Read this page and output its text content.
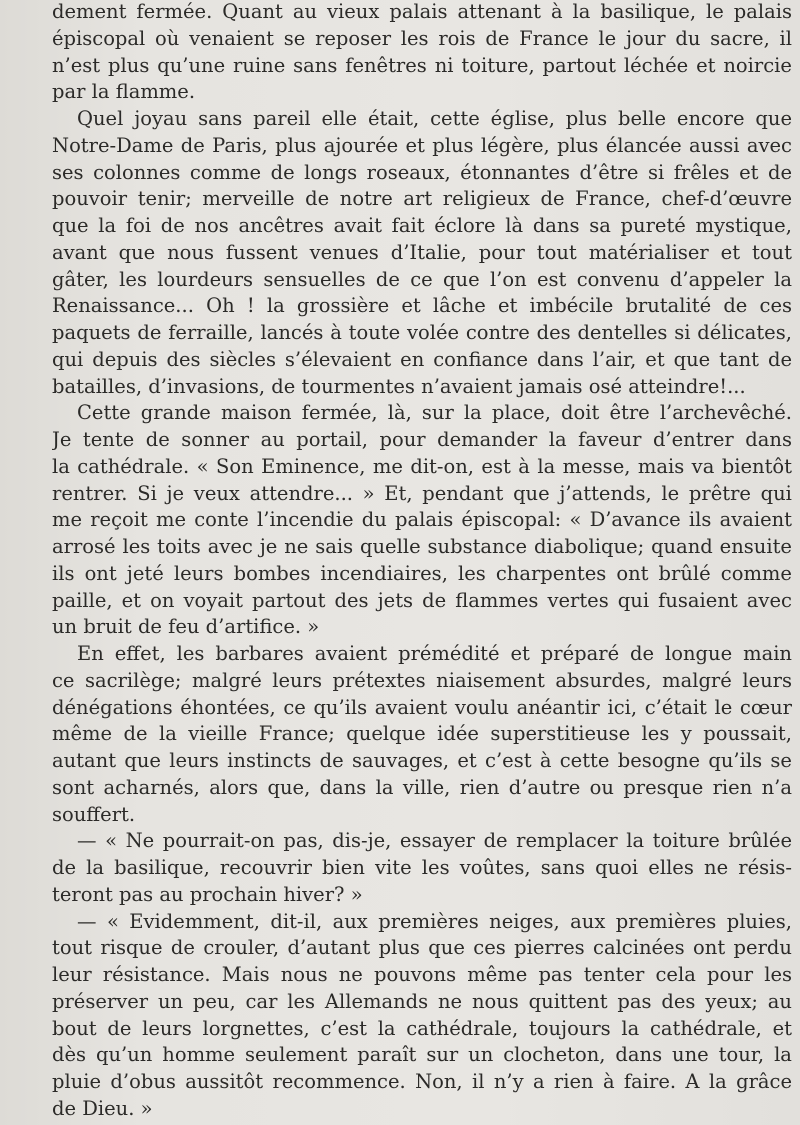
dement fermée. Quant au vieux palais attenant à la basilique, le palais
épiscopal où venaient se reposer les rois de France le jour du sacre, il
n’est plus qu’une ruine sans fenêtres ni toiture, partout léchée et noircie
par la flamme.
Quel joyau sans pareil elle était, cette église, plus belle encore que
Notre-Dame de Paris, plus ajourée et plus légère, plus élancée aussi avec
ses colonnes comme de longs roseaux, étonnantes d’être si frêles et de
pouvoir tenir; merveille de notre art religieux de France, chef-d’œuvre
que la foi de nos ancêtres avait fait éclore là dans sa pureté mystique,
avant que nous fussent venues d’Italie, pour tout matérialiser et tout
gâter, les lourdeurs sensuelles de ce que l’on est convenu d’appeler la
Renaissance... Oh ! la grossière et lâche et imbécile brutalité de ces
paquets de ferraille, lancés à toute volée contre des dentelles si délicates,
qui depuis des siècles s’élevaient en confiance dans l’air, et que tant de
batailles, d’invasions, de tourmentes n’avaient jamais osé atteindre!...
Cette grande maison fermée, là, sur la place, doit être l’archevêché.
Je tente de sonner au portail, pour demander la faveur d’entrer dans
la cathédrale. « Son Eminence, me dit-on, est à la messe, mais va bientôt
rentrer. Si je veux attendre... » Et, pendant que j’attends, le prêtre qui
me reçoit me conte l’incendie du palais épiscopal: « D’avance ils avaient
arrosé les toits avec je ne sais quelle substance diabolique; quand ensuite
ils ont jeté leurs bombes incendiaires, les charpentes ont brûlé comme
paille, et on voyait partout des jets de flammes vertes qui fusaient avec
un bruit de feu d’artifice. »
En effet, les barbares avaient prémédité et préparé de longue main
ce sacrilège; malgré leurs prétextes niaisement absurdes, malgré leurs
dénégations éhontées, ce qu’ils avaient voulu anéantir ici, c’était le cœur
même de la vieille France; quelque idée superstitieuse les y poussait,
autant que leurs instincts de sauvages, et c’est à cette besogne qu’ils se
sont acharnés, alors que, dans la ville, rien d’autre ou presque rien n’a
souffert.
— « Ne pourrait-on pas, dis-je, essayer de remplacer la toiture brûlée
de la basilique, recouvrir bien vite les voûtes, sans quoi elles ne résis-
teront pas au prochain hiver? »
— « Evidemment, dit-il, aux premières neiges, aux premières pluies,
tout risque de crouler, d’autant plus que ces pierres calcinées ont perdu
leur résistance. Mais nous ne pouvons même pas tenter cela pour les
préserver un peu, car les Allemands ne nous quittent pas des yeux; au
bout de leurs lorgnettes, c’est la cathédrale, toujours la cathédrale, et
dès qu’un homme seulement paraît sur un clocheton, dans une tour, la
pluie d’obus aussitôt recommence. Non, il n’y a rien à faire. A la grâce
de Dieu. »
